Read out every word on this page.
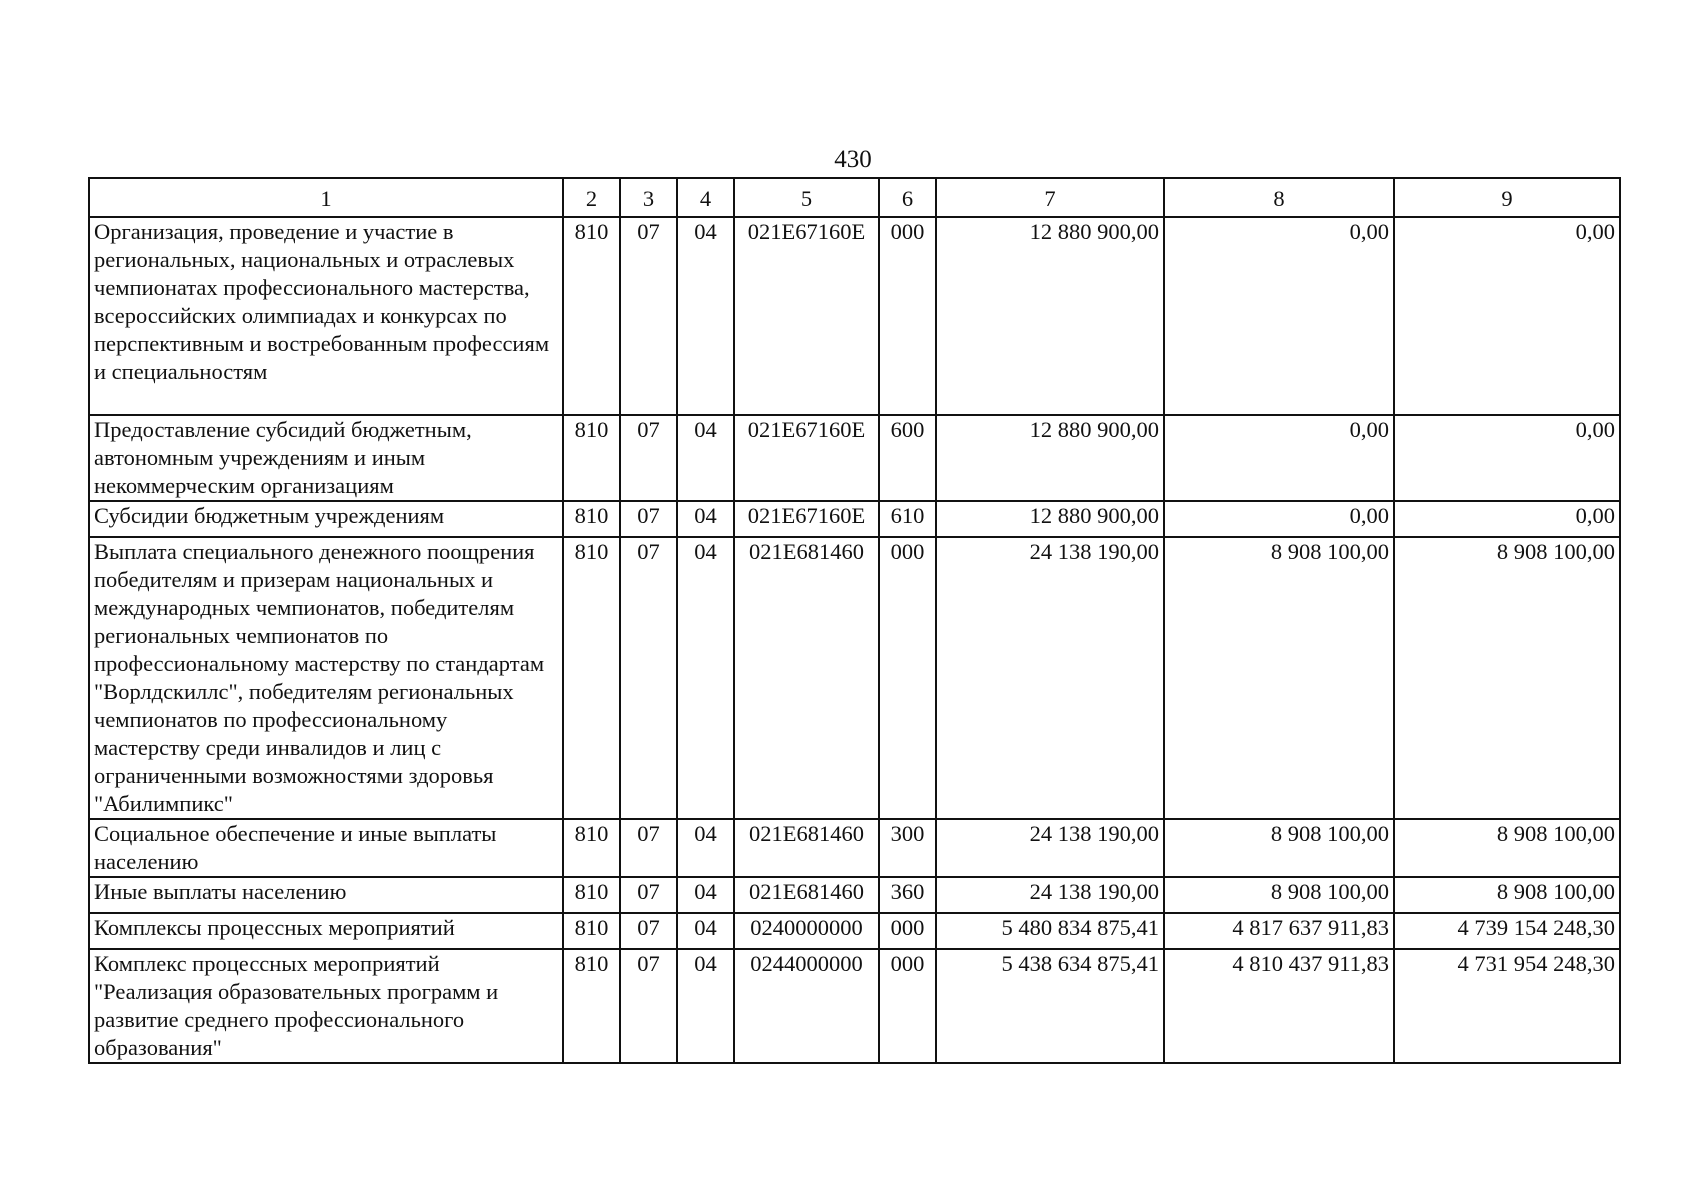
430
1	2	3	4	5	6	7	8	9
Организация, проведение и участие в региональных, национальных и отраслевых чемпионатах профессионального мастерства, всероссийских олимпиадах и конкурсах по перспективным и востребованным профессиям и специальностям	810	07	04	021Е67160Е	000	12 880 900,00	0,00	0,00
Предоставление субсидий бюджетным, автономным учреждениям и иным некоммерческим организациям	810	07	04	021Е67160Е	600	12 880 900,00	0,00	0,00
Субсидии бюджетным учреждениям	810	07	04	021Е67160Е	610	12 880 900,00	0,00	0,00
Выплата специального денежного поощрения победителям и призерам национальных и международных чемпионатов, победителям региональных чемпионатов по профессиональному мастерству по стандартам "Ворлдскиллс", победителям региональных чемпионатов по профессиональному мастерству среди инвалидов и лиц с ограниченными возможностями здоровья "Абилимпикс"	810	07	04	021Е681460	000	24 138 190,00	8 908 100,00	8 908 100,00
Социальное обеспечение и иные выплаты населению	810	07	04	021Е681460	300	24 138 190,00	8 908 100,00	8 908 100,00
Иные выплаты населению	810	07	04	021Е681460	360	24 138 190,00	8 908 100,00	8 908 100,00
Комплексы процессных мероприятий	810	07	04	0240000000	000	5 480 834 875,41	4 817 637 911,83	4 739 154 248,30
Комплекс процессных мероприятий "Реализация образовательных программ и развитие среднего профессионального образования"	810	07	04	0244000000	000	5 438 634 875,41	4 810 437 911,83	4 731 954 248,30
